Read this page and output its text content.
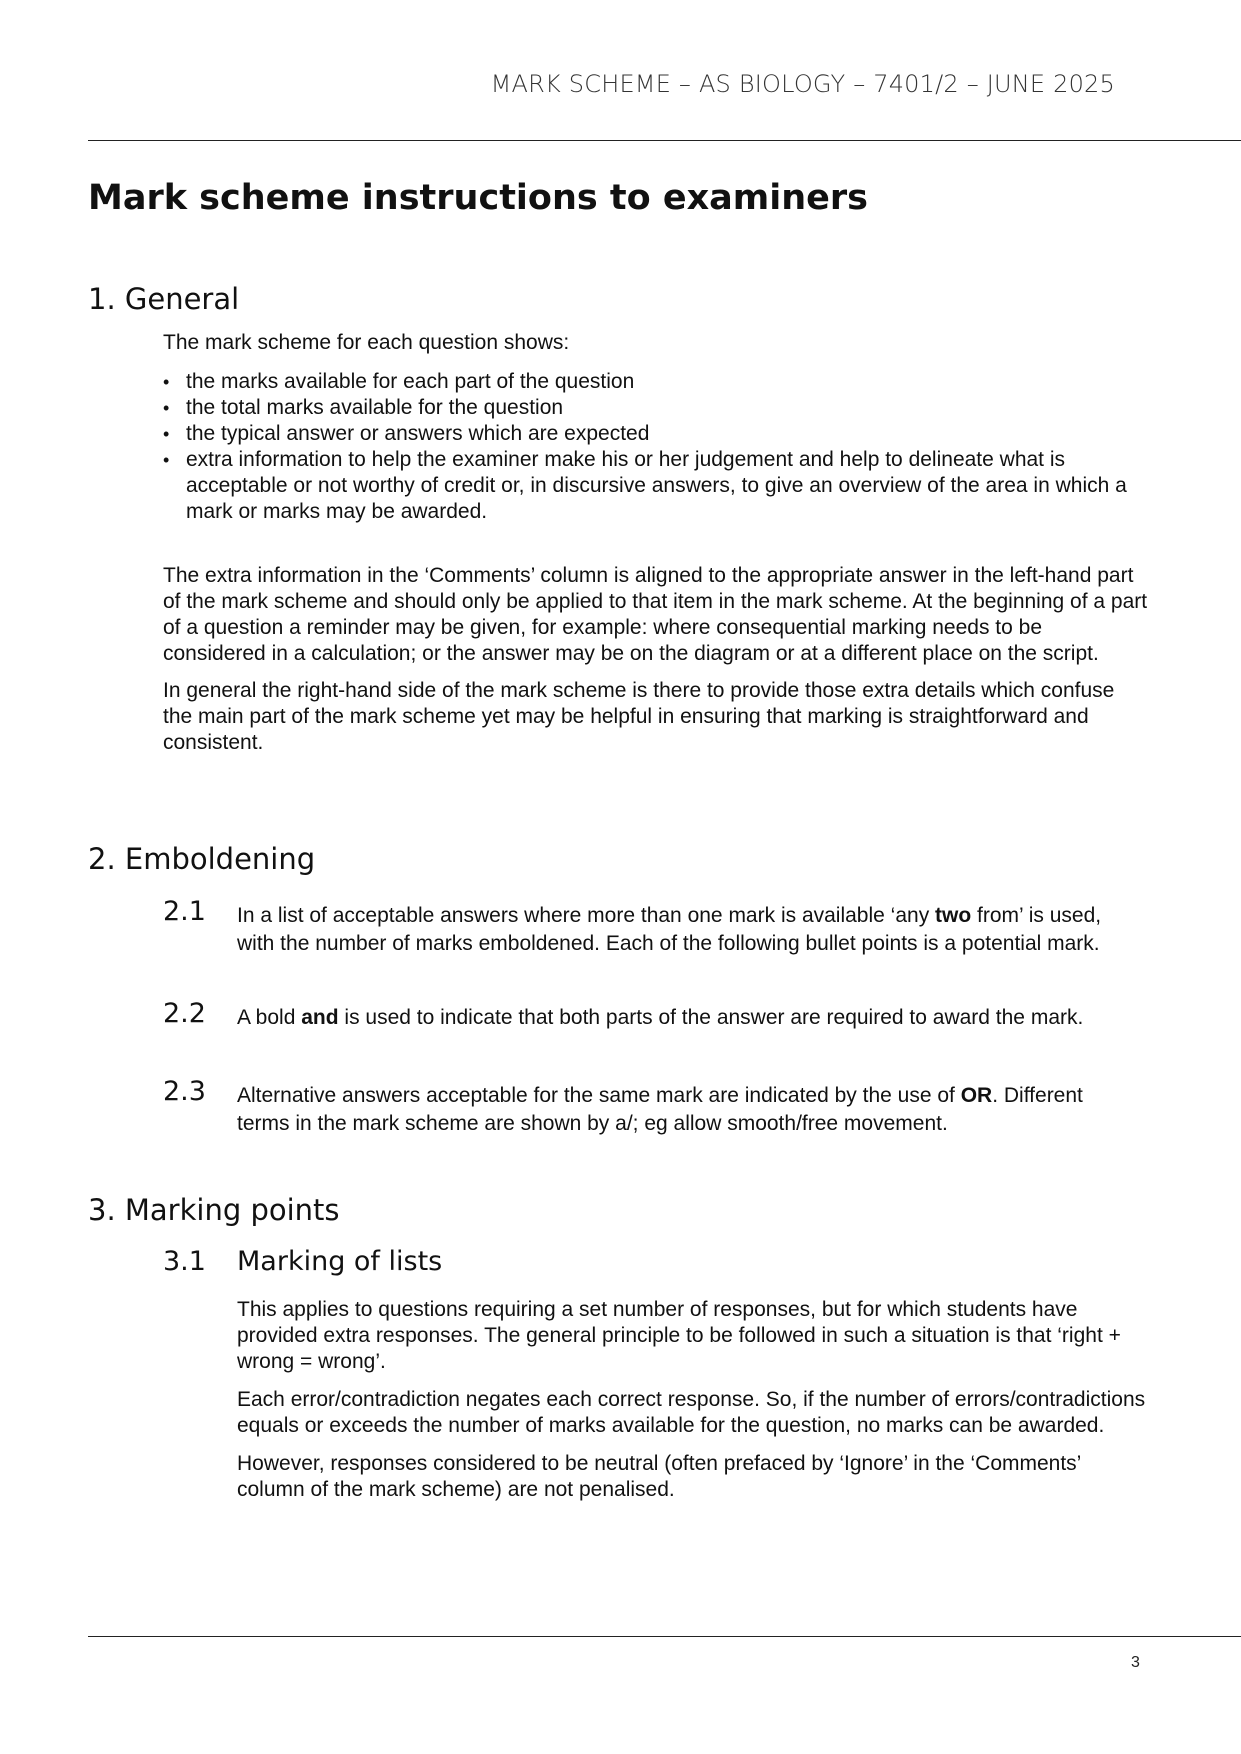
MARK SCHEME – AS BIOLOGY – 7401/2 – JUNE 2025
Mark scheme instructions to examiners
1. General

The mark scheme for each question shows:

• the marks available for each part of the question
• the total marks available for the question
• the typical answer or answers which are expected
• extra information to help the examiner make his or her judgement and help to delineate what is acceptable or not worthy of credit or, in discursive answers, to give an overview of the area in which a mark or marks may be awarded.

The extra information in the ‘Comments’ column is aligned to the appropriate answer in the left-hand part of the mark scheme and should only be applied to that item in the mark scheme. At the beginning of a part of a question a reminder may be given, for example: where consequential marking needs to be considered in a calculation; or the answer may be on the diagram or at a different place on the script.

In general the right-hand side of the mark scheme is there to provide those extra details which confuse the main part of the mark scheme yet may be helpful in ensuring that marking is straightforward and consistent.

2. Emboldening
2.1 In a list of acceptable answers where more than one mark is available ‘any two from’ is used, with the number of marks emboldened. Each of the following bullet points is a potential mark.

2.2 A bold and is used to indicate that both parts of the answer are required to award the mark.

2.3 Alternative answers acceptable for the same mark are indicated by the use of OR. Different terms in the mark scheme are shown by a/; eg allow smooth/free movement.

3. Marking points
3.1 Marking of lists

This applies to questions requiring a set number of responses, but for which students have provided extra responses. The general principle to be followed in such a situation is that ‘right + wrong = wrong’.

Each error/contradiction negates each correct response. So, if the number of errors/contradictions equals or exceeds the number of marks available for the question, no marks can be awarded.

However, responses considered to be neutral (often prefaced by ‘Ignore’ in the ‘Comments’ column of the mark scheme) are not penalised.

3
